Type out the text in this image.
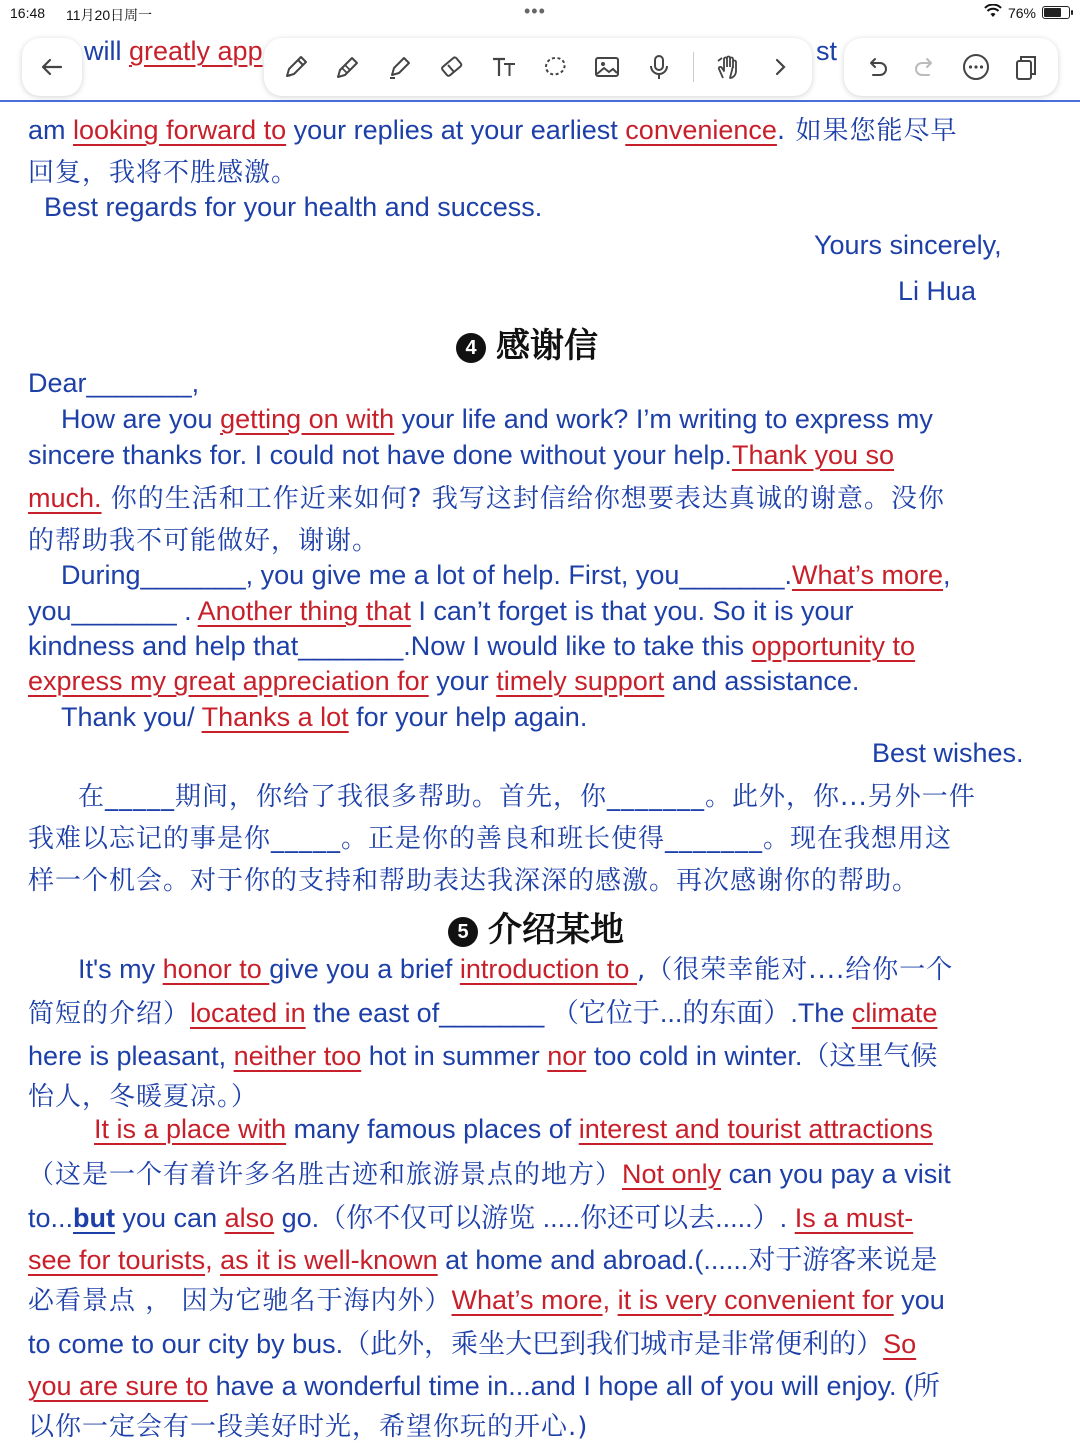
16:48 11月20日周一	•••	76%
will greatly app	st
am looking forward to your replies at your earliest convenience. 如果您能尽早
回复，我将不胜感激。
Best regards for your health and success.
Yours sincerely,
Li Hua
4 感谢信
Dear_______,
How are you getting on with your life and work? I’m writing to express my
sincere thanks for. I could not have done without your help.Thank you so
much. 你的生活和工作近来如何? 我写这封信给你想要表达真诚的谢意。没你
的帮助我不可能做好，谢谢。
During_______, you give me a lot of help. First, you_______.What’s more,
you_______ . Another thing that I can’t forget is that you. So it is your
kindness and help that_______.Now I would like to take this opportunity to
express my great appreciation for your timely support and assistance.
Thank you/ Thanks a lot for your help again.
Best wishes.
在_____期间，你给了我很多帮助。首先，你_______。此外，你...另外一件
我难以忘记的事是你_____。正是你的善良和班长使得_______。现在我想用这
样一个机会。对于你的支持和帮助表达我深深的感激。再次感谢你的帮助。
5 介绍某地
It's my honor to give you a brief introduction to ,（很荣幸能对....给你一个
简短的介绍）located in the east of_______ （它位于...的东面）.The climate
here is pleasant, neither too hot in summer nor too cold in winter.（这里气候
怡人，冬暖夏凉。）
It is a place with many famous places of interest and tourist attractions
（这是一个有着许多名胜古迹和旅游景点的地方）Not only can you pay a visit
to...but you can also go.（你不仅可以游览 .....你还可以去.....）. Is a must-
see for tourists, as it is well-known at home and abroad.(......对于游客来说是
必看景点 ， 因为它驰名于海内外）What’s more, it is very convenient for you
to come to our city by bus.（此外，乘坐大巴到我们城市是非常便利的）So
you are sure to have a wonderful time in...and I hope all of you will enjoy. (所
以你一定会有一段美好时光，希望你玩的开心.)
